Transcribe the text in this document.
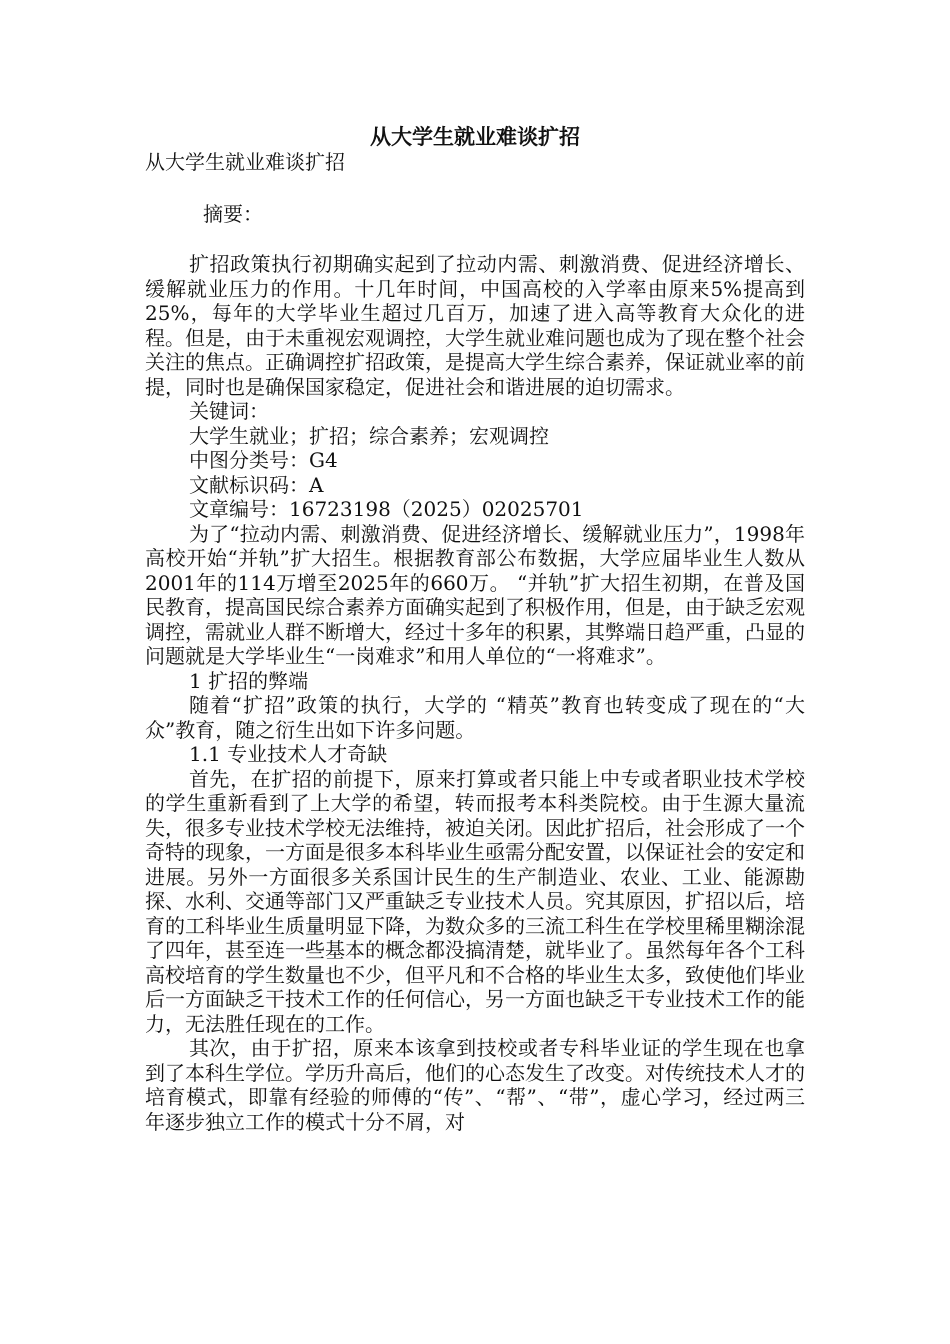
从大学生就业难谈扩招

从大学生就业难谈扩招

摘要：

扩招政策执行初期确实起到了拉动内需、刺激消费、促进经济增长、缓解就业压力的作用。十几年时间，中国高校的入学率由原来5%提高到25%，每年的大学毕业生超过几百万，加速了进入高等教育大众化的进程。但是，由于未重视宏观调控，大学生就业难问题也成为了现在整个社会关注的焦点。正确调控扩招政策，是提高大学生综合素养，保证就业率的前提，同时也是确保国家稳定，促进社会和谐进展的迫切需求。

关键词：

大学生就业；扩招；综合素养；宏观调控

中图分类号：G4

文献标识码：A

文章编号：16723198（2025）02025701

为了“拉动内需、刺激消费、促进经济增长、缓解就业压力”，1998年高校开始“并轨”扩大招生。根据教育部公布数据，大学应届毕业生人数从2001年的114万增至2025年的660万。 “并轨”扩大招生初期，在普及国民教育，提高国民综合素养方面确实起到了积极作用，但是，由于缺乏宏观调控，需就业人群不断增大，经过十多年的积累，其弊端日趋严重，凸显的问题就是大学毕业生“一岗难求”和用人单位的“一将难求”。

1 扩招的弊端

随着“扩招”政策的执行，大学的 “精英”教育也转变成了现在的“大众”教育，随之衍生出如下许多问题。

1.1 专业技术人才奇缺

首先，在扩招的前提下，原来打算或者只能上中专或者职业技术学校的学生重新看到了上大学的希望，转而报考本科类院校。由于生源大量流失，很多专业技术学校无法维持，被迫关闭。因此扩招后，社会形成了一个奇特的现象，一方面是很多本科毕业生亟需分配安置，以保证社会的安定和进展。另外一方面很多关系国计民生的生产制造业、农业、工业、能源勘探、水利、交通等部门又严重缺乏专业技术人员。究其原因，扩招以后，培育的工科毕业生质量明显下降，为数众多的三流工科生在学校里稀里糊涂混了四年，甚至连一些基本的概念都没搞清楚，就毕业了。虽然每年各个工科高校培育的学生数量也不少，但平凡和不合格的毕业生太多，致使他们毕业后一方面缺乏干技术工作的任何信心，另一方面也缺乏干专业技术工作的能力，无法胜任现在的工作。

其次，由于扩招，原来本该拿到技校或者专科毕业证的学生现在也拿到了本科生学位。学历升高后，他们的心态发生了改变。对传统技术人才的培育模式，即靠有经验的师傅的“传”、“帮”、“带”，虚心学习，经过两三年逐步独立工作的模式十分不屑，对
